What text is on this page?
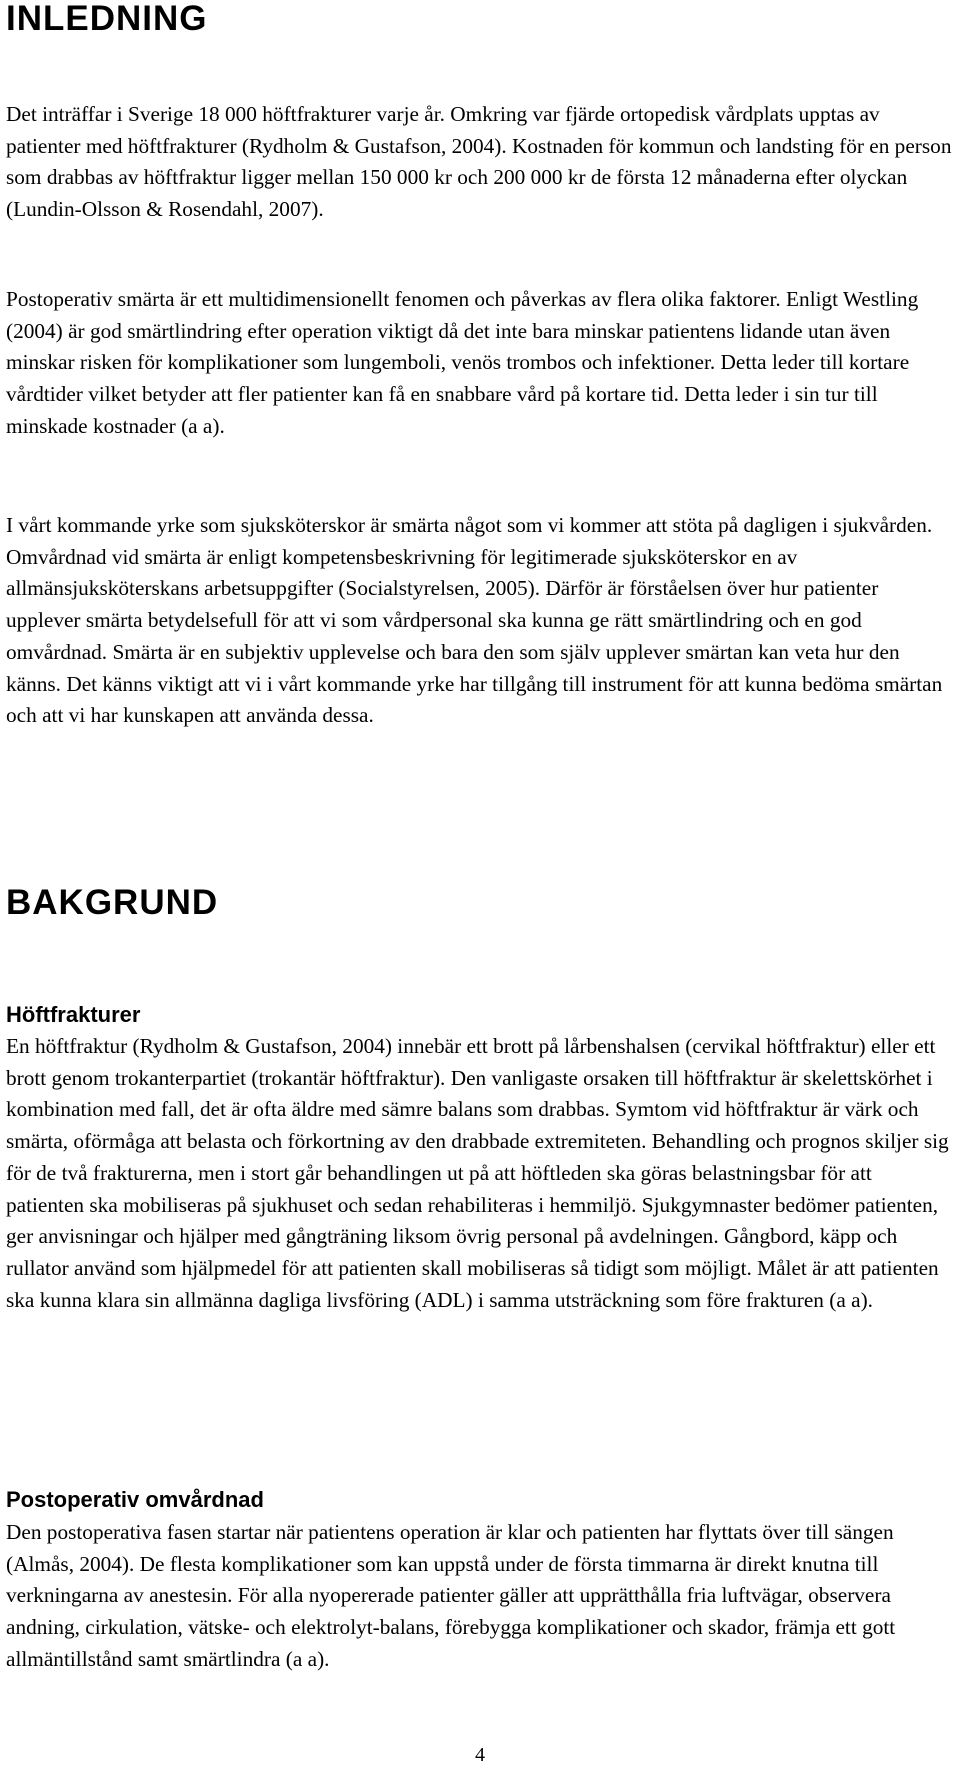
INLEDNING

Det inträffar i Sverige 18 000 höftfrakturer varje år. Omkring var fjärde ortopedisk vårdplats upptas av patienter med höftfrakturer (Rydholm & Gustafson, 2004). Kostnaden för kommun och landsting för en person som drabbas av höftfraktur ligger mellan 150 000 kr och 200 000 kr de första 12 månaderna efter olyckan (Lundin-Olsson & Rosendahl, 2007).

Postoperativ smärta är ett multidimensionellt fenomen och påverkas av flera olika faktorer. Enligt Westling (2004) är god smärtlindring efter operation viktigt då det inte bara minskar patientens lidande utan även minskar risken för komplikationer som lungemboli, venös trombos och infektioner. Detta leder till kortare vårdtider vilket betyder att fler patienter kan få en snabbare vård på kortare tid. Detta leder i sin tur till minskade kostnader (a a).

I vårt kommande yrke som sjuksköterskor är smärta något som vi kommer att stöta på dagligen i sjukvården. Omvårdnad vid smärta är enligt kompetensbeskrivning för legitimerade sjuksköterskor en av allmänsjuksköterskans arbetsuppgifter (Socialstyrelsen, 2005). Därför är förståelsen över hur patienter upplever smärta betydelsefull för att vi som vårdpersonal ska kunna ge rätt smärtlindring och en god omvårdnad. Smärta är en subjektiv upplevelse och bara den som själv upplever smärtan kan veta hur den känns. Det känns viktigt att vi i vårt kommande yrke har tillgång till instrument för att kunna bedöma smärtan och att vi har kunskapen att använda dessa.

BAKGRUND
Höftfrakturer

En höftfraktur (Rydholm & Gustafson, 2004) innebär ett brott på lårbenshalsen (cervikal höftfraktur) eller ett brott genom trokanterpartiet (trokantär höftfraktur). Den vanligaste orsaken till höftfraktur är skelettskörhet i kombination med fall, det är ofta äldre med sämre balans som drabbas. Symtom vid höftfraktur är värk och smärta, oförmåga att belasta och förkortning av den drabbade extremiteten. Behandling och prognos skiljer sig för de två frakturerna, men i stort går behandlingen ut på att höftleden ska göras belastningsbar för att patienten ska mobiliseras på sjukhuset och sedan rehabiliteras i hemmiljö. Sjukgymnaster bedömer patienten, ger anvisningar och hjälper med gångträning liksom övrig personal på avdelningen. Gångbord, käpp och rullator använd som hjälpmedel för att patienten skall mobiliseras så tidigt som möjligt. Målet är att patienten ska kunna klara sin allmänna dagliga livsföring (ADL) i samma utsträckning som före frakturen (a a).

Postoperativ omvårdnad

Den postoperativa fasen startar när patientens operation är klar och patienten har flyttats över till sängen (Almås, 2004). De flesta komplikationer som kan uppstå under de första timmarna är direkt knutna till verkningarna av anestesin. För alla nyopererade patienter gäller att upprätthålla fria luftvägar, observera andning, cirkulation, vätske- och elektrolyt-balans, förebygga komplikationer och skador, främja ett gott allmäntillstånd samt smärtlindra (a a).

4
